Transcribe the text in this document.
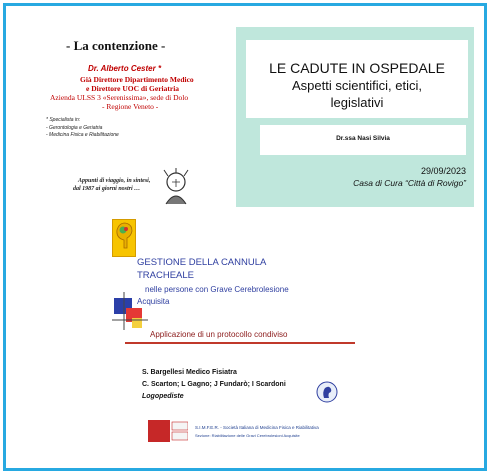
- La contenzione -
Dr. Alberto Cester *
Già Direttore Dipartimento Medico
e Direttore UOC di Geriatria
Azienda ULSS 3 «Serenissima», sede di Dolo
- Regione Veneto -
* Specialista in:
- Gerontologia e Geriatria
- Medicina Fisica e Riabilitazione
Appunti di viaggio, in sintesi,
dal 1987 ai giorni nostri …
LE CADUTE IN OSPEDALE
Aspetti scientifici, etici,
legislativi
Dr.ssa Nasi Silvia
29/09/2023
Casa di Cura “Città di Rovigo”
GESTIONE DELLA CANNULA
TRACHEALE
nelle persone con Grave Cerebrolesione
Acquisita
Applicazione di un protocollo condiviso
S. Bargellesi Medico Fisiatra
C. Scarton; L Gagno; J Fundarò; I Scardoni
Logopediste
S.I.M.F.E.R. - Società Italiana di Medicina Fisica e Riabilitativa
Sezione: Riabilitazione delle Gravi Cerebrolesioni Acquisite
